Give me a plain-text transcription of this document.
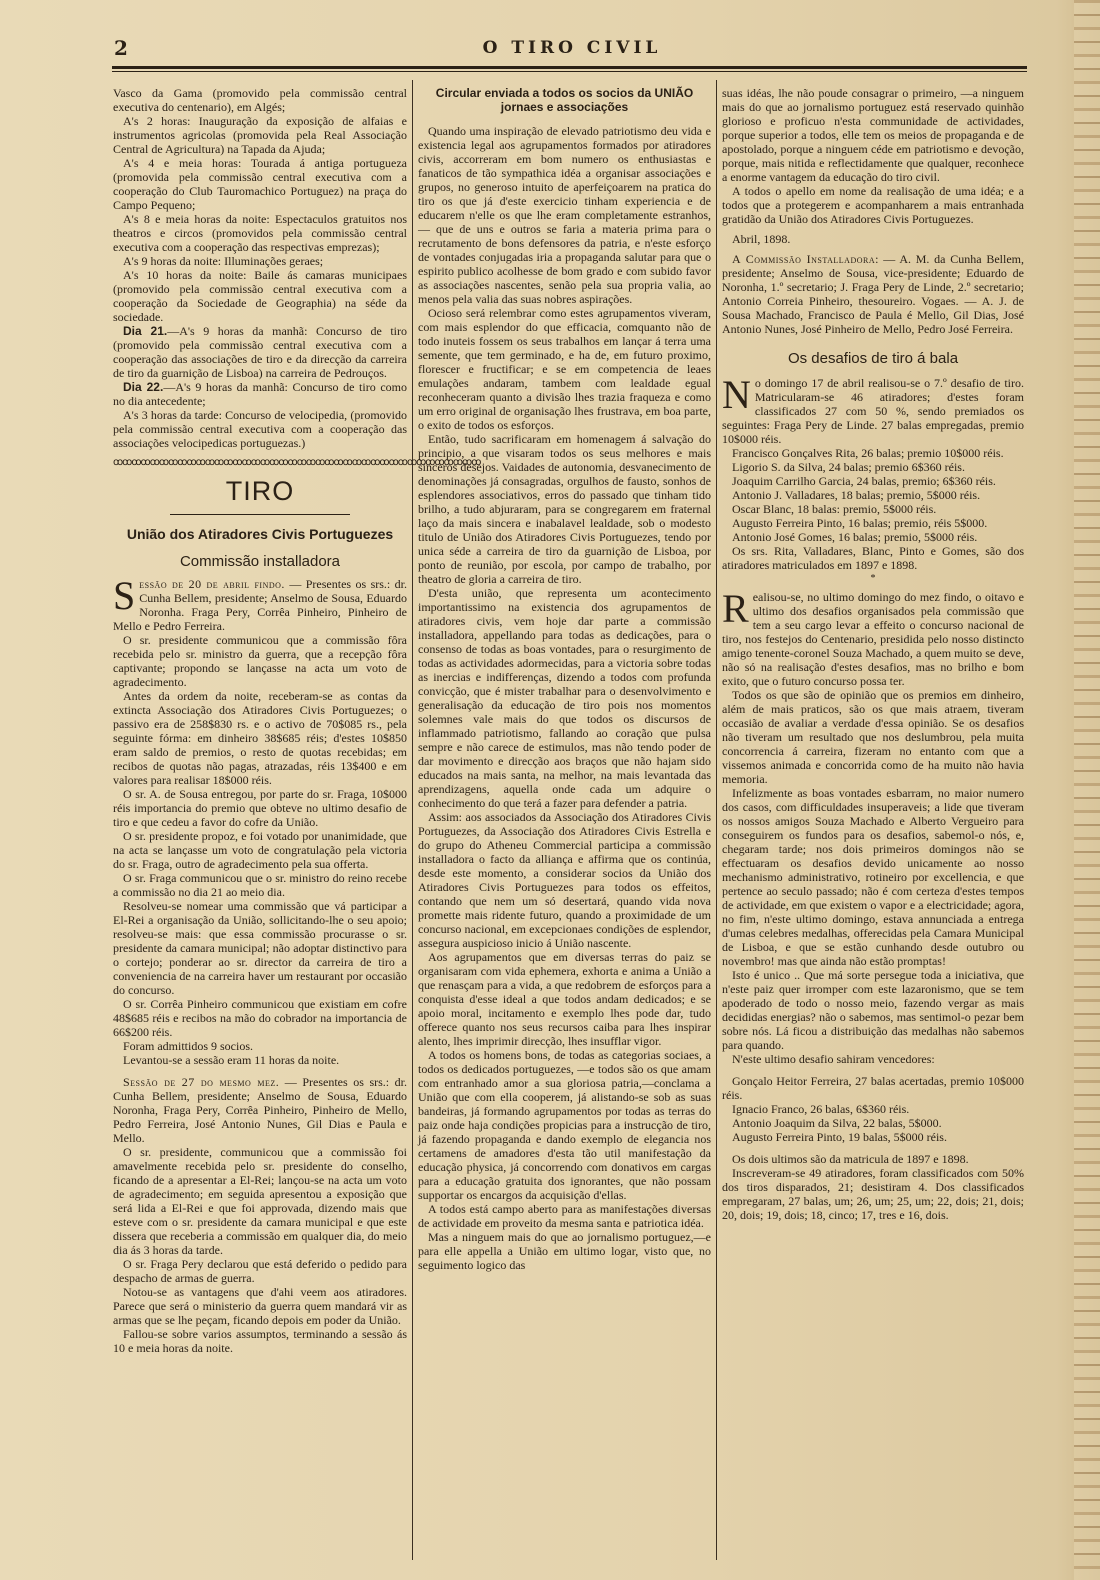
2	O TIRO CIVIL

Vasco da Gama (promovido pela commissão central executiva do centenario), em Algés;

A's 2 horas: Inauguração da exposição de alfaias e instrumentos agricolas (promovida pela Real Associação Central de Agricultura) na Tapada da Ajuda;

A's 4 e meia horas: Tourada á antiga portugueza (promovida pela commissão central executiva com a cooperação do Club Tauromachico Portuguez) na praça do Campo Pequeno;

A's 8 e meia horas da noite: Espectaculos gratuitos nos theatros e circos (promovidos pela commissão central executiva com a cooperação das respectivas emprezas);

A's 9 horas da noite: Illuminações geraes;

A's 10 horas da noite: Baile ás camaras municipaes (promovido pela commissão central executiva com a cooperação da Sociedade de Geographia) na séde da sociedade.

Dia 21.—A's 9 horas da manhã: Concurso de tiro (promovido pela commissão central executiva com a cooperação das associações de tiro e da direcção da carreira de tiro da guarnição de Lisboa) na carreira de Pedrouços.

Dia 22.—A's 9 horas da manhã: Concurso de tiro como no dia antecedente;

A's 3 horas da tarde: Concurso de velocipedia, (promovido pela commissão central executiva com a cooperação das associações velocipedicas portuguezas.)

ꝏꝏꝏꝏꝏꝏꝏꝏꝏꝏꝏꝏꝏꝏꝏꝏꝏꝏꝏꝏꝏꝏꝏꝏꝏꝏꝏꝏꝏꝏꝏꝏꝏꝏꝏꝏꝏꝏꝏꝏ
TIRO
União dos Atiradores Civis Portuguezes
Commissão installadora

Sessão de 20 de abril findo. — Presentes os srs.: dr. Cunha Bellem, presidente; Anselmo de Sousa, Eduardo Noronha. Fraga Pery, Corrêa Pinheiro, Pinheiro de Mello e Pedro Ferreira.

O sr. presidente communicou que a commissão fôra recebida pelo sr. ministro da guerra, que a recepção fôra captivante; propondo se lançasse na acta um voto de agradecimento.

Antes da ordem da noite, receberam-se as contas da extincta Associação dos Atiradores Civis Portuguezes; o passivo era de 258$830 rs. e o activo de 70$085 rs., pela seguinte fórma: em dinheiro 38$685 réis; d'estes 10$850 eram saldo de premios, o resto de quotas recebidas; em recibos de quotas não pagas, atrazadas, réis 13$400 e em valores para realisar 18$000 réis.

O sr. A. de Sousa entregou, por parte do sr. Fraga, 10$000 réis importancia do premio que obteve no ultimo desafio de tiro e que cedeu a favor do cofre da União.

O sr. presidente propoz, e foi votado por unanimidade, que na acta se lançasse um voto de congratulação pela victoria do sr. Fraga, outro de agradecimento pela sua offerta.

O sr. Fraga communicou que o sr. ministro do reino recebe a commissão no dia 21 ao meio dia.

Resolveu-se nomear uma commissão que vá participar a El-Rei a organisação da União, sollicitando-lhe o seu apoio; resolveu-se mais: que essa commissão procurasse o sr. presidente da camara municipal; não adoptar distinctivo para o cortejo; ponderar ao sr. director da carreira de tiro a conveniencia de na carreira haver um restaurant por occasião do concurso.

O sr. Corrêa Pinheiro communicou que existiam em cofre 48$685 réis e recibos na mão do cobrador na importancia de 66$200 réis.

Foram admittidos 9 socios.

Levantou-se a sessão eram 11 horas da noite.

Sessão de 27 do mesmo mez. — Presentes os srs.: dr. Cunha Bellem, presidente; Anselmo de Sousa, Eduardo Noronha, Fraga Pery, Corrêa Pinheiro, Pinheiro de Mello, Pedro Ferreira, José Antonio Nunes, Gil Dias e Paula e Mello.

O sr. presidente, communicou que a commissão foi amavelmente recebida pelo sr. presidente do conselho, ficando de a apresentar a El-Rei; lançou-se na acta um voto de agradecimento; em seguida apresentou a exposição que será lida a El-Rei e que foi approvada, dizendo mais que esteve com o sr. presidente da camara municipal e que este dissera que receberia a commissão em qualquer dia, do meio dia ás 3 horas da tarde.

O sr. Fraga Pery declarou que está deferido o pedido para despacho de armas de guerra.

Notou-se as vantagens que d'ahi veem aos atiradores. Parece que será o ministerio da guerra quem mandará vir as armas que se lhe peçam, ficando depois em poder da União.

Fallou-se sobre varios assumptos, terminando a sessão ás 10 e meia horas da noite.

Circular enviada a todos os socios da UNIÃO jornaes e associações

Quando uma inspiração de elevado patriotismo deu vida e existencia legal aos agrupamentos formados por atiradores civis, accorreram em bom numero os enthusiastas e fanaticos de tão sympathica idéa a organisar associações e grupos, no generoso intuito de aperfeiçoarem na pratica do tiro os que já d'este exercicio tinham experiencia e de educarem n'elle os que lhe eram completamente estranhos, — que de uns e outros se faria a materia prima para o recrutamento de bons defensores da patria, e n'este esforço de vontades conjugadas iria a propaganda salutar para que o espirito publico acolhesse de bom grado e com subido favor as associações nascentes, senão pela sua propria valia, ao menos pela valia das suas nobres aspirações.

Ocioso será relembrar como estes agrupamentos viveram, com mais esplendor do que efficacia, comquanto não de todo inuteis fossem os seus trabalhos em lançar á terra uma semente, que tem germinado, e ha de, em futuro proximo, florescer e fructificar; e se em competencia de leaes emulações andaram, tambem com lealdade egual reconheceram quanto a divisão lhes trazia fraqueza e como um erro original de organisação lhes frustrava, em boa parte, o exito de todos os esforços.

Então, tudo sacrificaram em homenagem á salvação do principio, a que visaram todos os seus melhores e mais sinceros desejos. Vaidades de autonomia, desvanecimento de denominações já consagradas, orgulhos de fausto, sonhos de esplendores associativos, erros do passado que tinham tido brilho, a tudo abjuraram, para se congregarem em fraternal laço da mais sincera e inabalavel lealdade, sob o modesto titulo de União dos Atiradores Civis Portuguezes, tendo por unica séde a carreira de tiro da guarnição de Lisboa, por ponto de reunião, por escola, por campo de trabalho, por theatro de gloria a carreira de tiro.

D'esta união, que representa um acontecimento importantissimo na existencia dos agrupamentos de atiradores civis, vem hoje dar parte a commissão installadora, appellando para todas as dedicações, para o consenso de todas as boas vontades, para o resurgimento de todas as actividades adormecidas, para a victoria sobre todas as inercias e indifferenças, dizendo a todos com profunda convicção, que é mister trabalhar para o desenvolvimento e generalisação da educação de tiro pois nos momentos solemnes vale mais do que todos os discursos de inflammado patriotismo, fallando ao coração que pulsa sempre e não carece de estimulos, mas não tendo poder de dar movimento e direcção aos braços que não hajam sido educados na mais santa, na melhor, na mais levantada das aprendizagens, aquella onde cada um adquire o conhecimento do que terá a fazer para defender a patria.

Assim: aos associados da Associação dos Atiradores Civis Portuguezes, da Associação dos Atiradores Civis Estrella e do grupo do Atheneu Commercial participa a commissão installadora o facto da alliança e affirma que os continúa, desde este momento, a considerar socios da União dos Atiradores Civis Portuguezes para todos os effeitos, contando que nem um só desertará, quando vida nova promette mais ridente futuro, quando a proximidade de um concurso nacional, em excepcionaes condições de esplendor, assegura auspicioso inicio á União nascente.

Aos agrupamentos que em diversas terras do paiz se organisaram com vida ephemera, exhorta e anima a União a que renasçam para a vida, a que redobrem de esforços para a conquista d'esse ideal a que todos andam dedicados; e se apoio moral, incitamento e exemplo lhes pode dar, tudo offerece quanto nos seus recursos caiba para lhes inspirar alento, lhes imprimir direcção, lhes insufflar vigor.

A todos os homens bons, de todas as categorias sociaes, a todos os dedicados portuguezes, —e todos são os que amam com entranhado amor a sua gloriosa patria,—conclama a União que com ella cooperem, já alistando-se sob as suas bandeiras, já formando agrupamentos por todas as terras do paiz onde haja condições propicias para a instrucção de tiro, já fazendo propaganda e dando exemplo de elegancia nos certamens de amadores d'esta tão util manifestação da educação physica, já concorrendo com donativos em cargas para a educação gratuita dos ignorantes, que não possam supportar os encargos da acquisição d'ellas.

A todos está campo aberto para as manifestações diversas de actividade em proveito da mesma santa e patriotica idéa.

Mas a ninguem mais do que ao jornalismo portuguez,—e para elle appella a União em ultimo logar, visto que, no seguimento logico das

suas idéas, lhe não poude consagrar o primeiro, —a ninguem mais do que ao jornalismo portuguez está reservado quinhão glorioso e proficuo n'esta communidade de actividades, porque superior a todos, elle tem os meios de propaganda e de apostolado, porque a ninguem céde em patriotismo e devoção, porque, mais nitida e reflectidamente que qualquer, reconhece a enorme vantagem da educação do tiro civil.

A todos o apello em nome da realisação de uma idéa; e a todos que a protegerem e acompanharem a mais entranhada gratidão da União dos Atiradores Civis Portuguezes.

Abril, 1898.

A Commissão Installadora: — A. M. da Cunha Bellem, presidente; Anselmo de Sousa, vice-presidente; Eduardo de Noronha, 1.º secretario; J. Fraga Pery de Linde, 2.º secretario; Antonio Correia Pinheiro, thesoureiro. Vogaes. — A. J. de Sousa Machado, Francisco de Paula é Mello, Gil Dias, José Antonio Nunes, José Pinheiro de Mello, Pedro José Ferreira.

Os desafios de tiro á bala

No domingo 17 de abril realisou-se o 7.º desafio de tiro. Matricularam-se 46 atiradores; d'estes foram classificados 27 com 50 %, sendo premiados os seguintes: Fraga Pery de Linde. 27 balas empregadas, premio 10$000 réis.

Francisco Gonçalves Rita, 26 balas; premio 10$000 réis.

Ligorio S. da Silva, 24 balas; premio 6$360 réis.

Joaquim Carrilho Garcia, 24 balas, premio; 6$360 réis.

Antonio J. Valladares, 18 balas; premio, 5$000 réis.

Oscar Blanc, 18 balas: premio, 5$000 réis.

Augusto Ferreira Pinto, 16 balas; premio, réis 5$000.

Antonio José Gomes, 16 balas; premio, 5$000 réis.

Os srs. Rita, Valladares, Blanc, Pinto e Gomes, são dos atiradores matriculados em 1897 e 1898.

*

Realisou-se, no ultimo domingo do mez findo, o oitavo e ultimo dos desafios organisados pela commissão que tem a seu cargo levar a effeito o concurso nacional de tiro, nos festejos do Centenario, presidida pelo nosso distincto amigo tenente-coronel Souza Machado, a quem muito se deve, não só na realisação d'estes desafios, mas no brilho e bom exito, que o futuro concurso possa ter.

Todos os que são de opinião que os premios em dinheiro, além de mais praticos, são os que mais atraem, tiveram occasião de avaliar a verdade d'essa opinião. Se os desafios não tiveram um resultado que nos deslumbrou, pela muita concorrencia á carreira, fizeram no entanto com que a vissemos animada e concorrida como de ha muito não havia memoria.

Infelizmente as boas vontades esbarram, no maior numero dos casos, com difficuldades insuperaveis; a lide que tiveram os nossos amigos Souza Machado e Alberto Vergueiro para conseguirem os fundos para os desafios, sabemol-o nós, e, chegaram tarde; nos dois primeiros domingos não se effectuaram os desafios devido unicamente ao nosso mechanismo administrativo, rotineiro por excellencia, e que pertence ao seculo passado; não é com certeza d'estes tempos de actividade, em que existem o vapor e a electricidade; agora, no fim, n'este ultimo domingo, estava annunciada a entrega d'umas celebres medalhas, offerecidas pela Camara Municipal de Lisboa, e que se estão cunhando desde outubro ou novembro! mas que ainda não estão promptas!

Isto é unico .. Que má sorte persegue toda a iniciativa, que n'este paiz quer irromper com este lazaronismo, que se tem apoderado de todo o nosso meio, fazendo vergar as mais decididas energias? não o sabemos, mas sentimol-o pezar bem sobre nós. Lá ficou a distribuição das medalhas não sabemos para quando.

N'este ultimo desafio sahiram vencedores:

Gonçalo Heitor Ferreira, 27 balas acertadas, premio 10$000 réis.

Ignacio Franco, 26 balas, 6$360 réis.

Antonio Joaquim da Silva, 22 balas, 5$000.

Augusto Ferreira Pinto, 19 balas, 5$000 réis.

Os dois ultimos são da matricula de 1897 e 1898.

Inscreveram-se 49 atiradores, foram classificados com 50% dos tiros disparados, 21; desistiram 4. Dos classificados empregaram, 27 balas, um; 26, um; 25, um; 22, dois; 21, dois; 20, dois; 19, dois; 18, cinco; 17, tres e 16, dois.
